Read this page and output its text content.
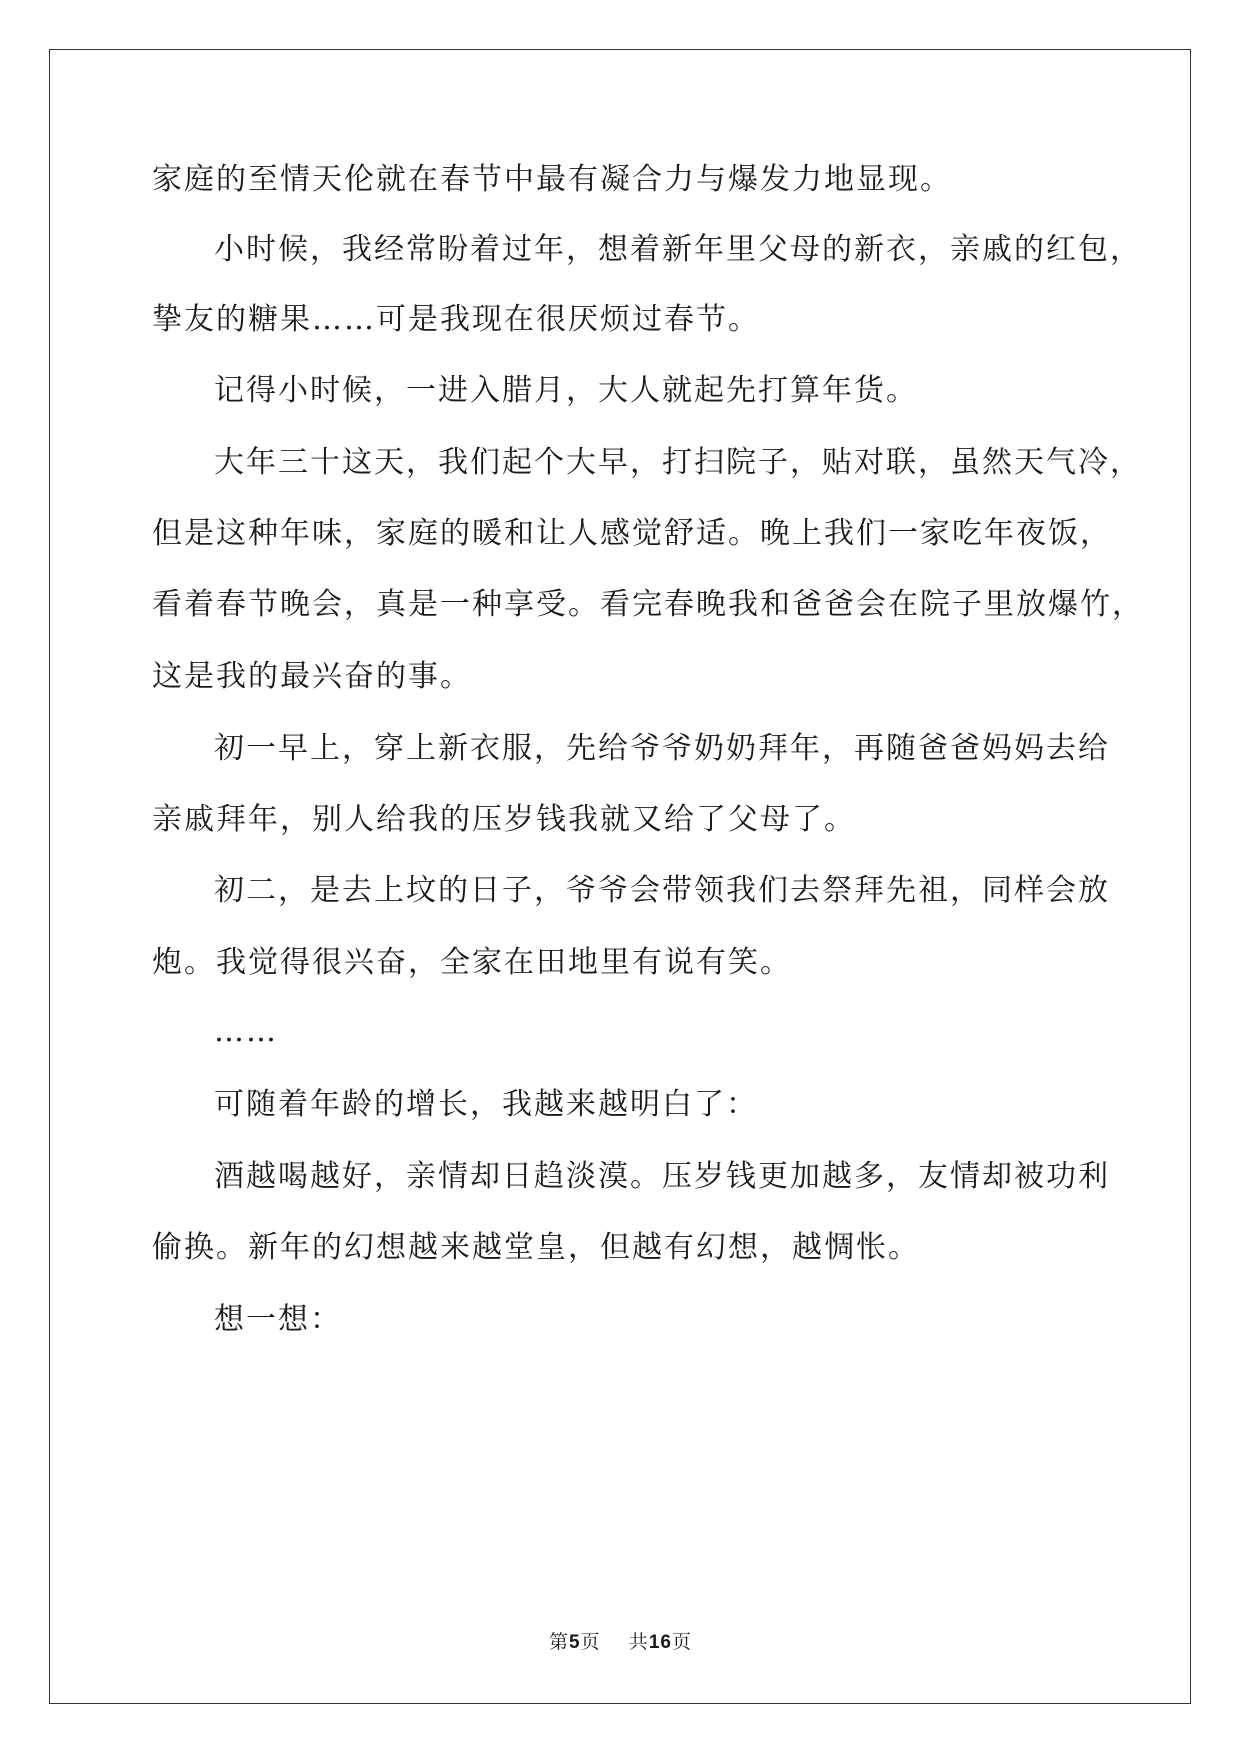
家庭的至情天伦就在春节中最有凝合力与爆发力地显现。
小时候，我经常盼着过年，想着新年里父母的新衣，亲戚的红包，
挚友的糖果……可是我现在很厌烦过春节。
记得小时候，一进入腊月，大人就起先打算年货。
大年三十这天，我们起个大早，打扫院子，贴对联，虽然天气冷，
但是这种年味，家庭的暖和让人感觉舒适。晚上我们一家吃年夜饭，
看着春节晚会，真是一种享受。看完春晚我和爸爸会在院子里放爆竹，
这是我的最兴奋的事。
初一早上，穿上新衣服，先给爷爷奶奶拜年，再随爸爸妈妈去给
亲戚拜年，别人给我的压岁钱我就又给了父母了。
初二，是去上坟的日子，爷爷会带领我们去祭拜先祖，同样会放
炮。我觉得很兴奋，全家在田地里有说有笑。
……
可随着年龄的增长，我越来越明白了：
酒越喝越好，亲情却日趋淡漠。压岁钱更加越多，友情却被功利
偷换。新年的幻想越来越堂皇，但越有幻想，越惆怅。
想一想：
第5页 共16页
